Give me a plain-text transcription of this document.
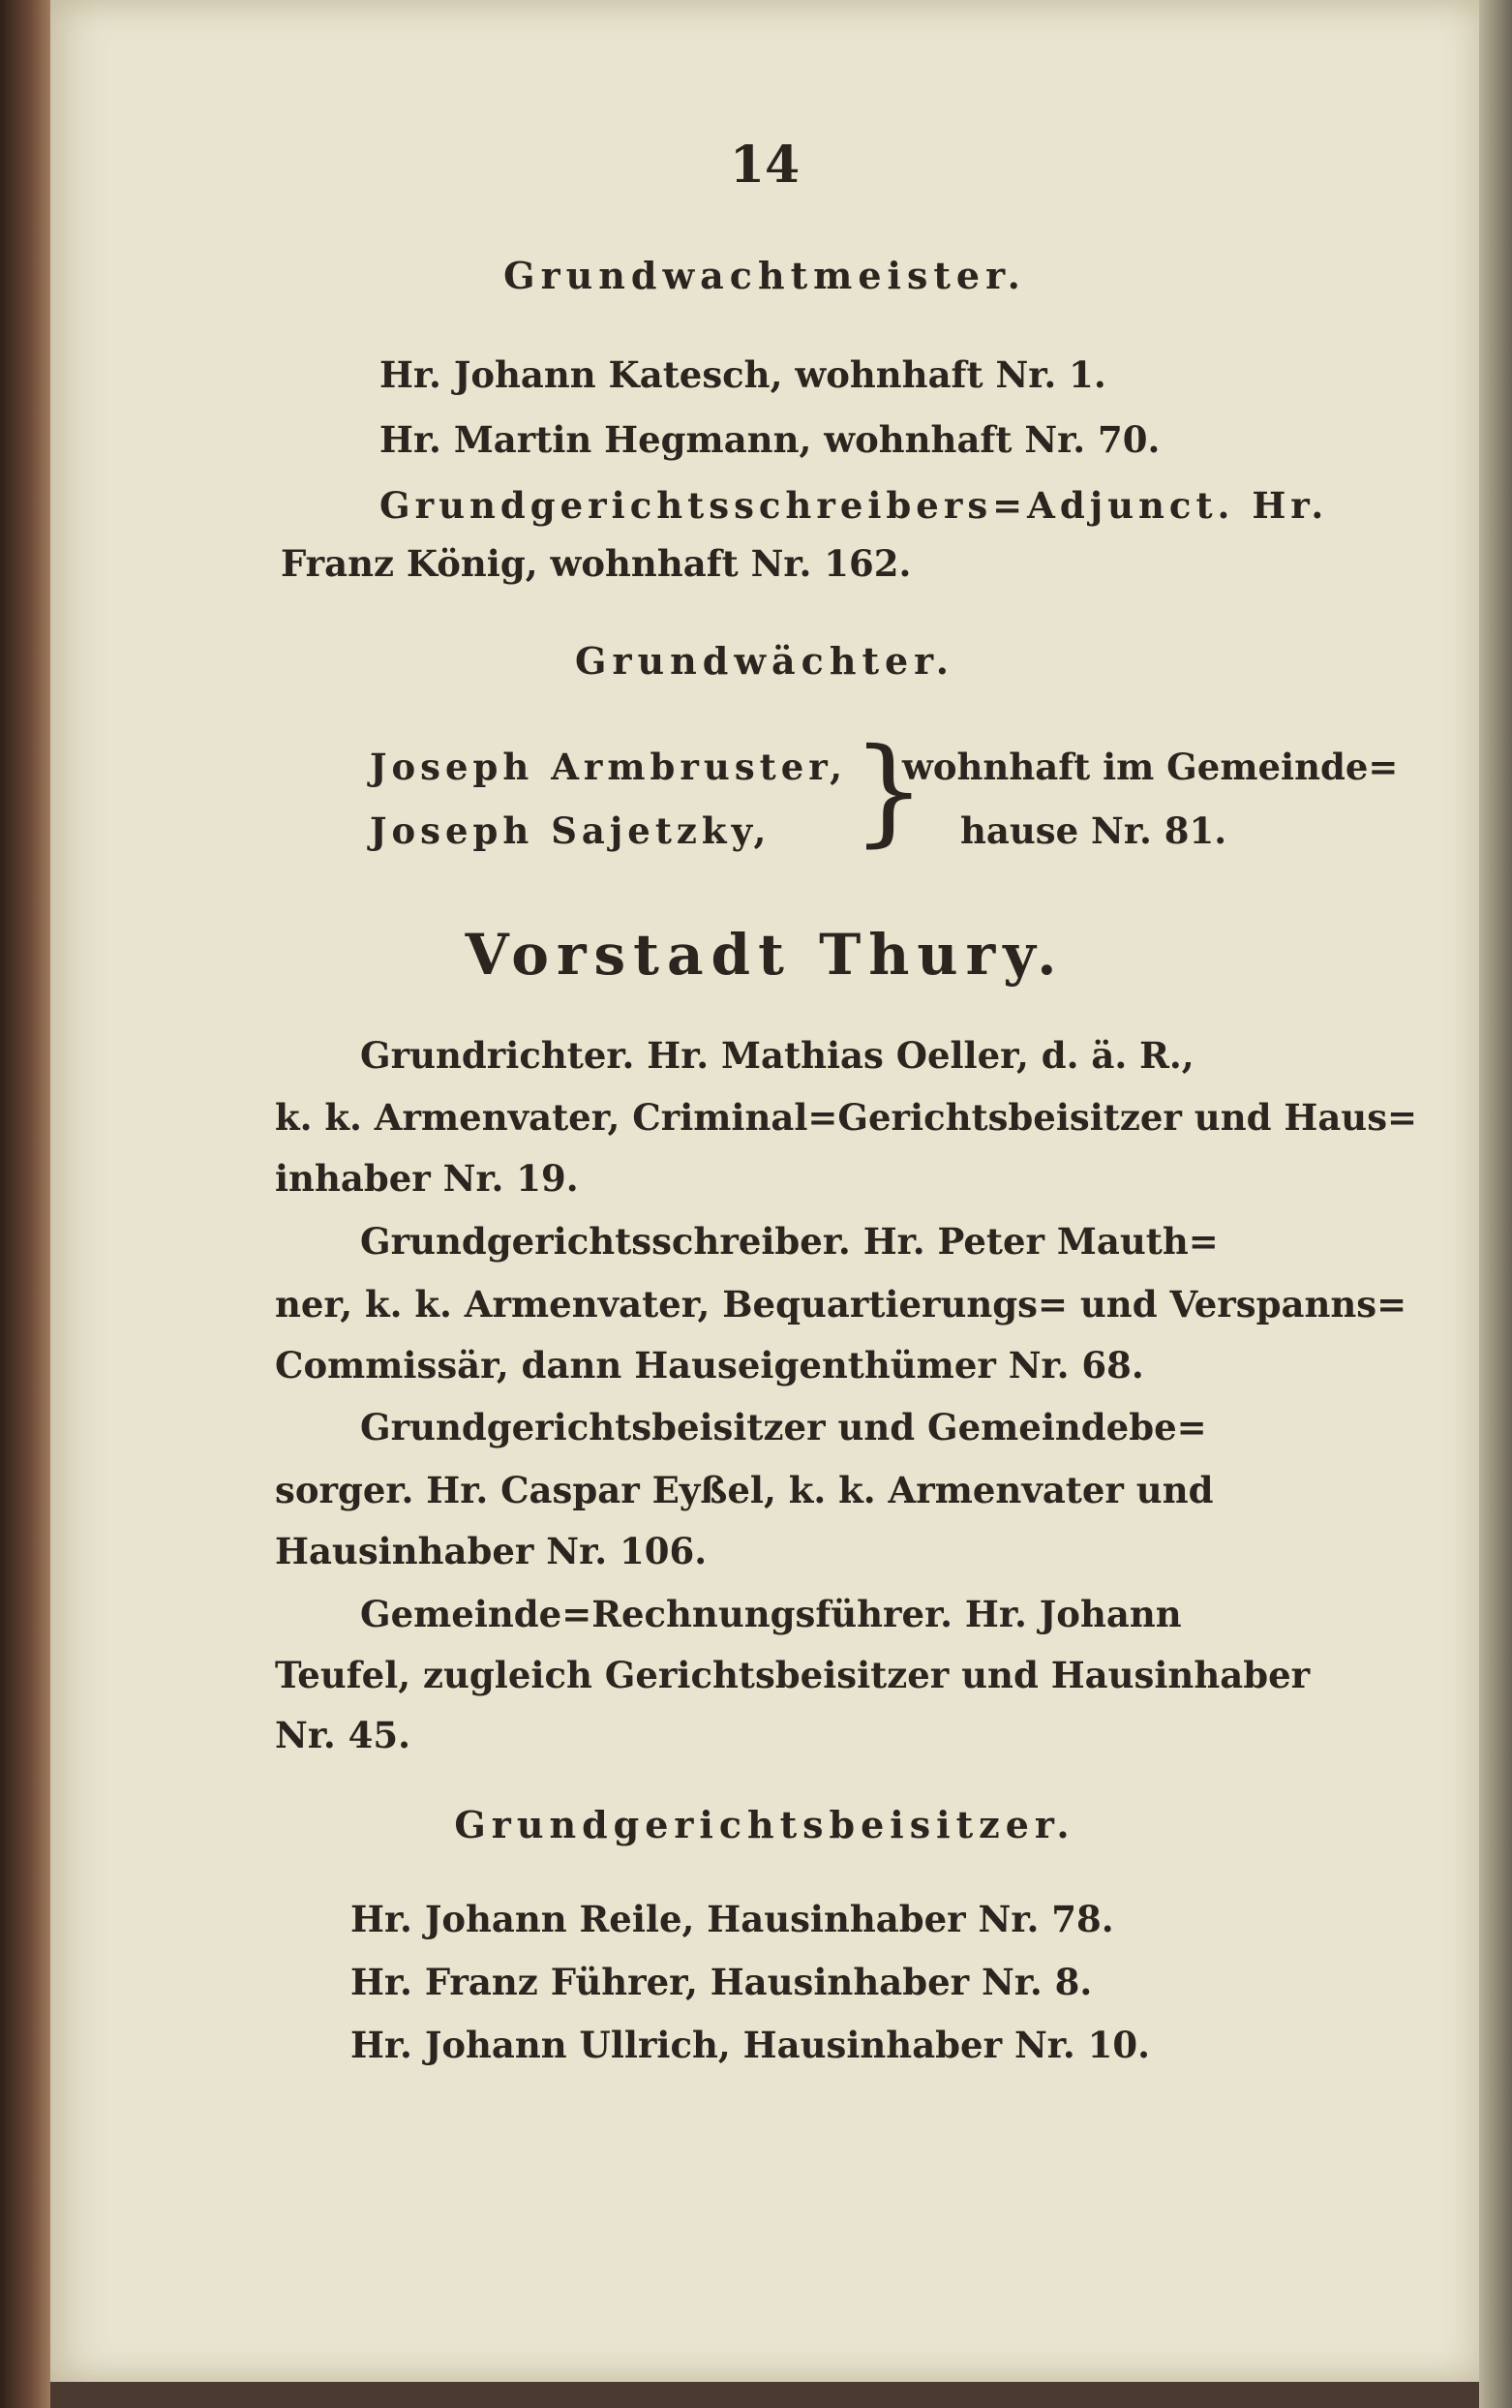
14
Grundwachtmeister.
Hr. Johann Katesch, wohnhaft Nr. 1.
Hr. Martin Hegmann, wohnhaft Nr. 70.
Grundgerichtsschreibers=Adjunct. Hr.
Franz König, wohnhaft Nr. 162.
Grundwächter.
Joseph Armbruster,
Joseph Sajetzky, }
wohnhaft im Gemeinde=
hause Nr. 81.
Vorstadt Thury.
Grundrichter. Hr. Mathias Oeller, d. ä. R.,
k. k. Armenvater, Criminal=Gerichtsbeisitzer und Haus=
inhaber Nr. 19.
Grundgerichtsschreiber. Hr. Peter Mauth=
ner, k. k. Armenvater, Bequartierungs= und Verspanns=
Commissär, dann Hauseigenthümer Nr. 68.
Grundgerichtsbeisitzer und Gemeindebe=
sorger. Hr. Caspar Eyßel, k. k. Armenvater und
Hausinhaber Nr. 106.
Gemeinde=Rechnungsführer. Hr. Johann
Teufel, zugleich Gerichtsbeisitzer und Hausinhaber
Nr. 45.
Grundgerichtsbeisitzer.
Hr. Johann Reile, Hausinhaber Nr. 78.
Hr. Franz Führer, Hausinhaber Nr. 8.
Hr. Johann Ullrich, Hausinhaber Nr. 10.
